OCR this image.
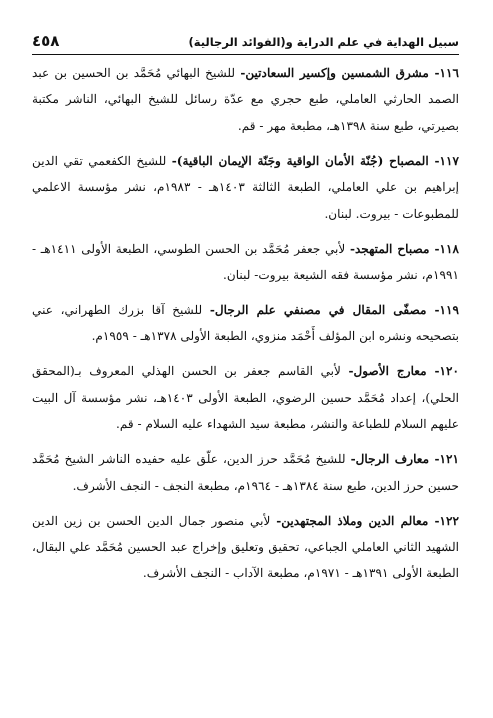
٤٥٨	سبيل الهداية في علم الدراية و(الفوائد الرجالية)

١١٦- مشرق الشمسين وإكسير السعادتين- للشيخ البهائي مُحَمَّد بن الحسين بن عبد الصمد الحارثي العاملي، طبع حجري مع عدّة رسائل للشيخ البهائي، الناشر مكتبة بصيرتي، طبع سنة ١٣٩٨هـ، مطبعة مهر - قم.

١١٧- المصباح (جُنّة الأمان الواقية وجَنّة الإيمان الباقية)- للشيخ الكفعمي تقي الدين إبراهيم بن علي العاملي، الطبعة الثالثة ١٤٠٣هـ - ١٩٨٣م، نشر مؤسسة الاعلمي للمطبوعات - بيروت. لبنان.

١١٨- مصباح المتهجد- لأبي جعفر مُحَمَّد بن الحسن الطوسي، الطبعة الأولى ١٤١١هـ - ١٩٩١م، نشر مؤسسة فقه الشيعة بيروت- لبنان.

١١٩- مصفّى المقال في مصنفي علم الرجال- للشيخ آقا بزرك الطهراني، عني بتصحيحه ونشره ابن المؤلف أَحْمَد منزوي، الطبعة الأولى ١٣٧٨هـ - ١٩٥٩م.

١٢٠- معارج الأصول- لأبي القاسم جعفر بن الحسن الهذلي المعروف بـ(المحقق الحلي)، إعداد مُحَمَّد حسين الرضوي، الطبعة الأولى ١٤٠٣هـ، نشر مؤسسة آل البيت عليهم السلام للطباعة والنشر، مطبعة سيد الشهداء عليه السلام - قم.

١٢١- معارف الرجال- للشيخ مُحَمَّد حرز الدين، علّق عليه حفيده الناشر الشيخ مُحَمَّد حسين حرز الدين، طبع سنة ١٣٨٤هـ - ١٩٦٤م، مطبعة النجف - النجف الأشرف.

١٢٢- معالم الدين وملاذ المجتهدين- لأبي منصور جمال الدين الحسن بن زين الدين الشهيد الثاني العاملي الجباعي، تحقيق وتعليق وإخراج عبد الحسين مُحَمَّد علي البقال، الطبعة الأولى ١٣٩١هـ - ١٩٧١م، مطبعة الآداب - النجف الأشرف.
